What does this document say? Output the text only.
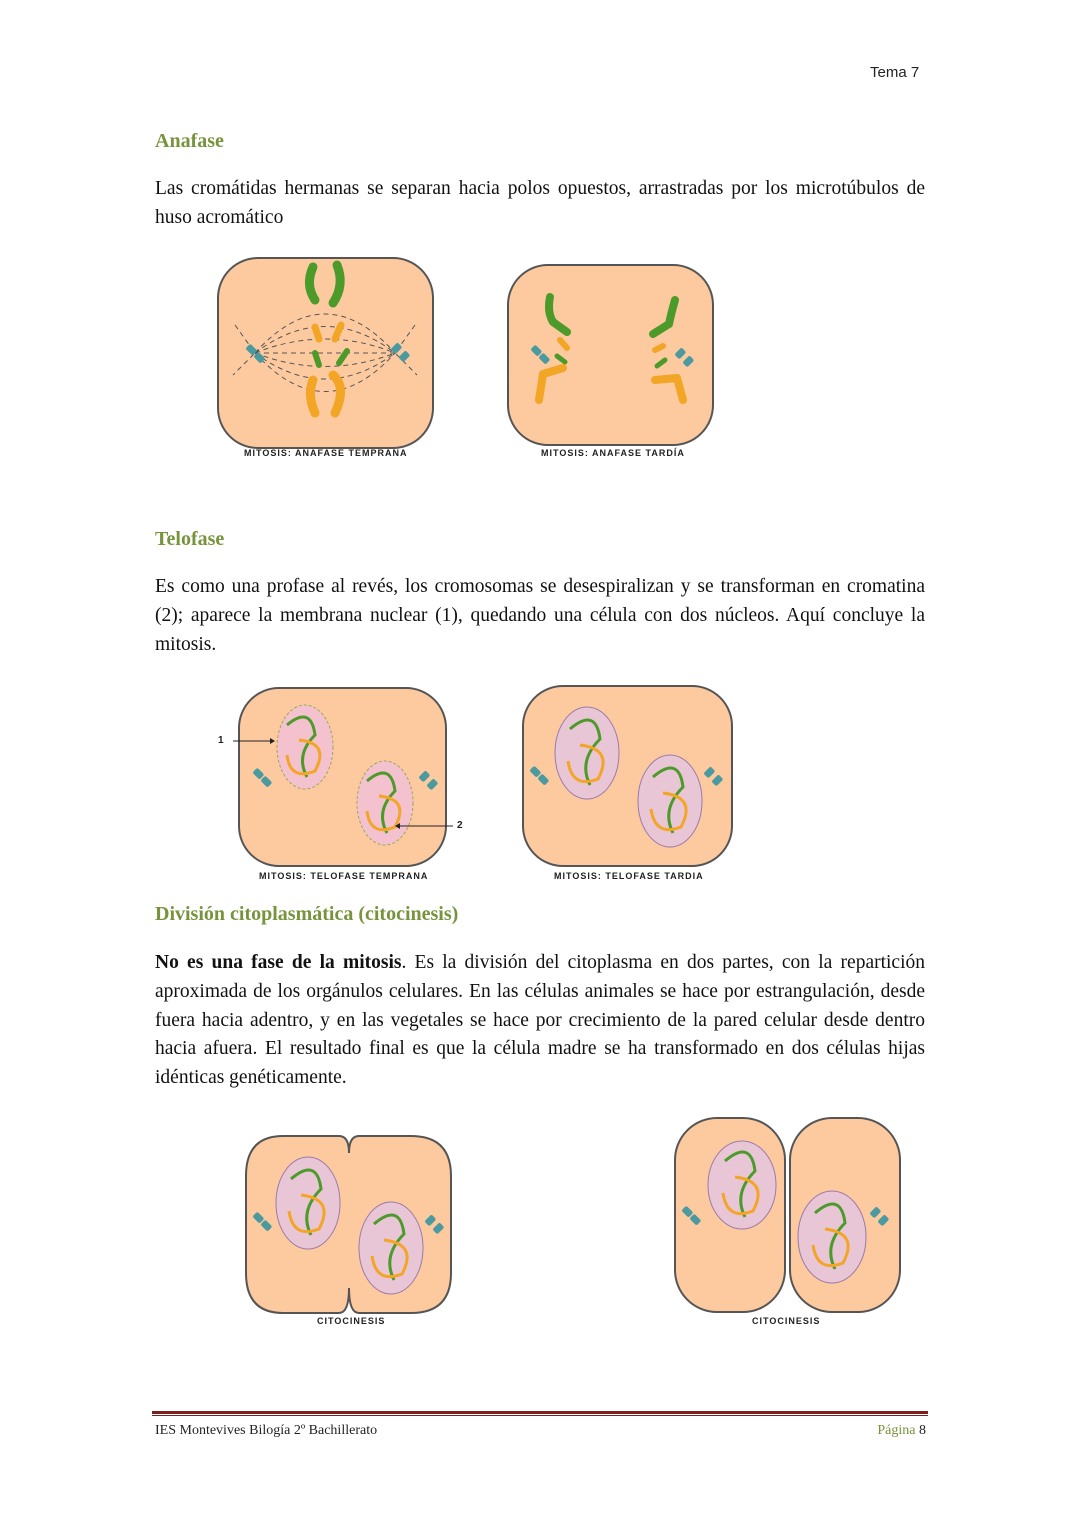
Tema 7
Anafase
Las cromátidas hermanas se separan hacia polos opuestos, arrastradas por los microtúbulos de huso acromático
MITOSIS: ANAFASE TEMPRANA	MITOSIS: ANAFASE TARDÍA
Telofase
Es como una profase al revés, los cromosomas se desespiralizan y se transforman en cromatina (2); aparece la membrana nuclear (1), quedando una célula con dos núcleos. Aquí concluye la mitosis.
1
2
MITOSIS: TELOFASE TEMPRANA	MITOSIS: TELOFASE TARDIA
División citoplasmática (citocinesis)
No es una fase de la mitosis. Es la división del citoplasma en dos partes, con la repartición aproximada de los orgánulos celulares. En las células animales se hace por estrangulación, desde fuera hacia adentro, y en las vegetales se hace por crecimiento de la pared celular desde dentro hacia afuera. El resultado final es que la célula madre se ha transformado en dos células hijas idénticas genéticamente.
CITOCINESIS	CITOCINESIS
IES Montevives Bilogía 2º Bachillerato	Página 8
